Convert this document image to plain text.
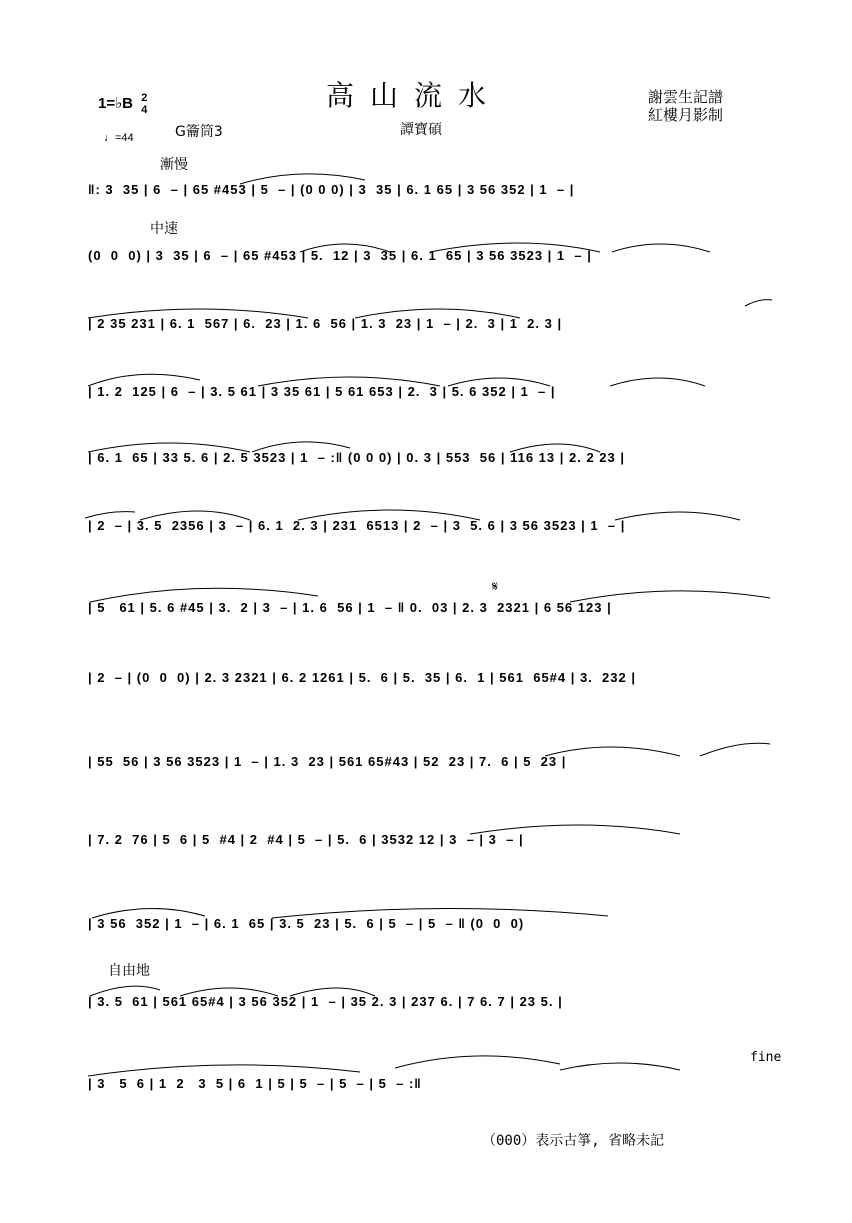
1=♭B 2
4	高山流水	謝雲生記譜
紅樓月影制
♩=44	G籥筒3	譚寶碩
漸慢
中速
自由地
fine
𝄋
‖: 3  35 | 6  – | 65 #453 | 5  – | (0 0 0) | 3  35 | 6. 1 65 | 3 56 352 | 1  – |
(0  0  0) | 3  35 | 6  – | 65 #453 | 5.  12 | 3  35 | 6. 1  65 | 3 56 3523 | 1  – |
| 2 35 231 | 6. 1  567 | 6.  23 | 1. 6  56 | 1. 3  23 | 1  – | 2.  3 | 1  2. 3 |
| 1. 2  125 | 6  – | 3. 5 61 | 3 35 61 | 5 61 653 | 2.  3 | 5. 6 352 | 1  – |
| 6. 1  65 | 33 5. 6 | 2. 5 3523 | 1  – :‖ (0 0 0) | 0. 3 | 553  56 | 116 13 | 2. 2 23 |
| 2  – | 3. 5  2356 | 3  – | 6. 1  2. 3 | 231  6513 | 2  – | 3  5. 6 | 3 56 3523 | 1  – |
| 5   61 | 5. 6 #45 | 3.  2 | 3  – | 1. 6  56 | 1  – ‖ 0.  03 | 2. 3  2321 | 6 56 123 |
| 2  – | (0  0  0) | 2. 3 2321 | 6. 2 1261 | 5.  6 | 5.  35 | 6.  1 | 561  65#4 | 3.  232 |
| 55  56 | 3 56 3523 | 1  – | 1. 3  23 | 561 65#43 | 52  23 | 7.  6 | 5  23 |
| 7. 2  76 | 5  6 | 5  #4 | 2  #4 | 5  – | 5.  6 | 3532 12 | 3  – | 3  – |
| 3 56  352 | 1  – | 6. 1  65 | 3. 5  23 | 5.  6 | 5  – | 5  – ‖ (0  0  0)
| 3. 5  61 | 561 65#4 | 3 56 352 | 1  – | 35 2. 3 | 237 6. | 7 6. 7 | 23 5. |
| 3   5  6 | 1  2   3  5 | 6  1 | 5 | 5  – | 5  – | 5  – :‖
（000）表示古箏, 省略未記
